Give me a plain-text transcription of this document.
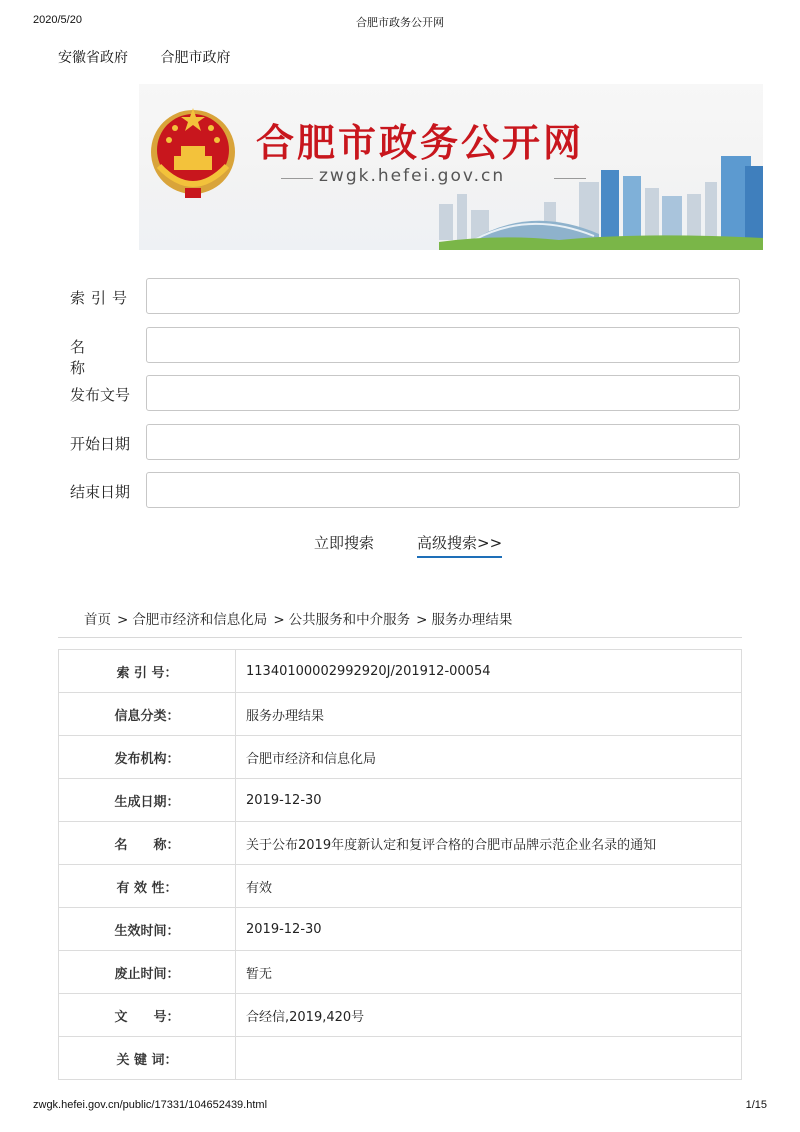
2020/5/20	合肥市政务公开网
安徽省政府 合肥市政府
合肥市政务公开网
zwgk.hefei.gov.cn
索引号
名称
发布文号
开始日期
结束日期
立即搜索	高级搜索>>
首页 > 合肥市经济和信息化局 > 公共服务和中介服务 > 服务办理结果
索 引 号：	11340100002992920J/201912-00054
信息分类：	服务办理结果
发布机构：	合肥市经济和信息化局
生成日期：	2019-12-30
名　　称：	关于公布2019年度新认定和复评合格的合肥市品牌示范企业名录的通知
有 效 性：	有效
生效时间：	2019-12-30
废止时间：	暂无
文　　号：	合经信,2019,420号
关 键 词：	
zwgk.hefei.gov.cn/public/17331/104652439.html	1/15
